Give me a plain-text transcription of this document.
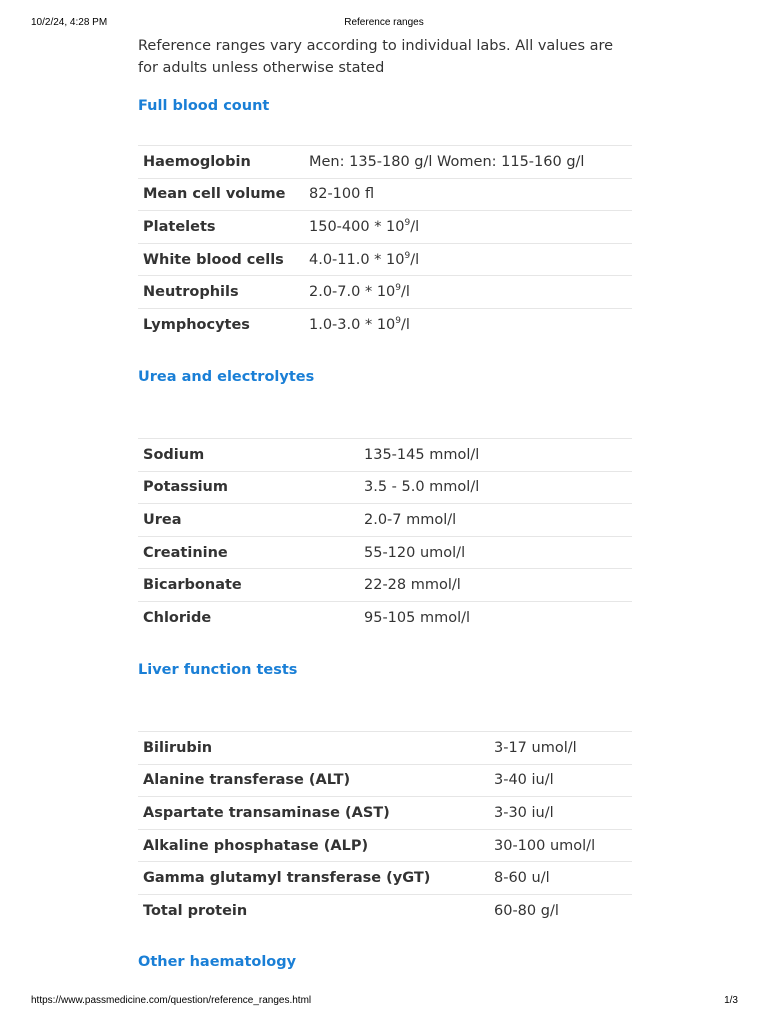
10/2/24, 4:28 PM	Reference ranges

Reference ranges vary according to individual labs. All values are for adults unless otherwise stated

Full blood count
Haemoglobin	Men: 135-180 g/l Women: 115-160 g/l
Mean cell volume	82-100 fl
Platelets	$150-400 * 10^9/l$
White blood cells	$4.0-11.0 * 10^9/l$
Neutrophils	$2.0-7.0 * 10^9/l$
Lymphocytes	$1.0-3.0 * 10^9/l$
Urea and electrolytes
Sodium	135-145 mmol/l
Potassium	3.5 - 5.0 mmol/l
Urea	2.0-7 mmol/l
Creatinine	55-120 umol/l
Bicarbonate	22-28 mmol/l
Chloride	95-105 mmol/l
Liver function tests
Bilirubin	3-17 umol/l
Alanine transferase (ALT)	3-40 iu/l
Aspartate transaminase (AST)	3-30 iu/l
Alkaline phosphatase (ALP)	30-100 umol/l
Gamma glutamyl transferase (yGT)	8-60 u/l
Total protein	60-80 g/l
Other haematology
https://www.passmedicine.com/question/reference_ranges.html	1/3
